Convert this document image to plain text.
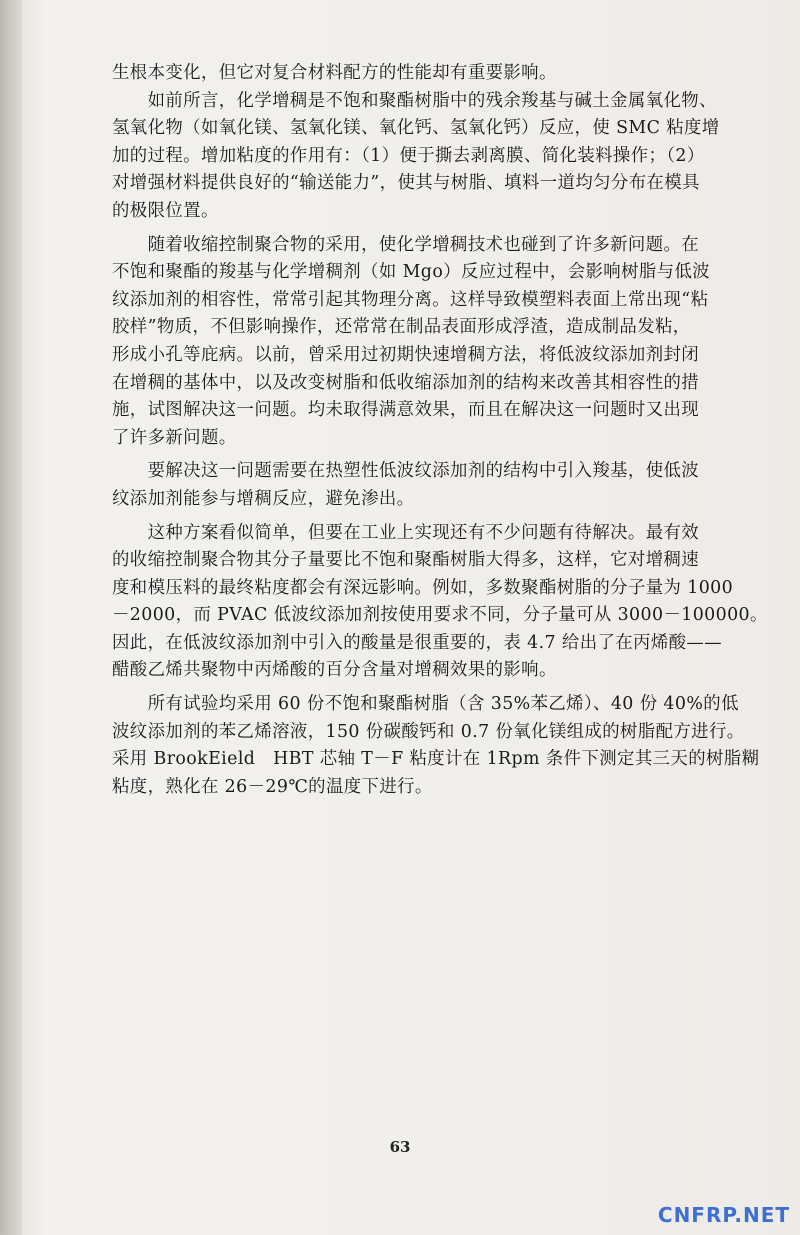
生根本变化，但它对复合材料配方的性能却有重要影响。
　　如前所言，化学增稠是不饱和聚酯树脂中的残余羧基与碱土金属氧化物、
氢氧化物（如氧化镁、氢氧化镁、氧化钙、氢氧化钙）反应，使 SMC 粘度增
加的过程。增加粘度的作用有：（1）便于撕去剥离膜、简化装料操作；（2）
对增强材料提供良好的“输送能力”，使其与树脂、填料一道均匀分布在模具
的极限位置。
　　随着收缩控制聚合物的采用，使化学增稠技术也碰到了许多新问题。在
不饱和聚酯的羧基与化学增稠剂（如 Mgo）反应过程中，会影响树脂与低波
纹添加剂的相容性，常常引起其物理分离。这样导致模塑料表面上常出现“粘
胶样”物质，不但影响操作，还常常在制品表面形成浮渣，造成制品发粘，
形成小孔等庇病。以前，曾采用过初期快速增稠方法，将低波纹添加剂封闭
在增稠的基体中，以及改变树脂和低收缩添加剂的结构来改善其相容性的措
施，试图解决这一问题。均未取得满意效果，而且在解决这一问题时又出现
了许多新问题。
　　要解决这一问题需要在热塑性低波纹添加剂的结构中引入羧基，使低波
纹添加剂能参与增稠反应，避免渗出。
　　这种方案看似简单，但要在工业上实现还有不少问题有待解决。最有效
的收缩控制聚合物其分子量要比不饱和聚酯树脂大得多，这样，它对增稠速
度和模压料的最终粘度都会有深远影响。例如，多数聚酯树脂的分子量为 1000
－2000，而 PVAC 低波纹添加剂按使用要求不同，分子量可从 3000－100000。
因此，在低波纹添加剂中引入的酸量是很重要的，表 4.7 给出了在丙烯酸——
醋酸乙烯共聚物中丙烯酸的百分含量对增稠效果的影响。
　　所有试验均采用 60 份不饱和聚酯树脂（含 35%苯乙烯）、40 份 40%的低
波纹添加剂的苯乙烯溶液，150 份碳酸钙和 0.7 份氧化镁组成的树脂配方进行。
采用 BrookEield　HBT 芯轴 T－F 粘度计在 1Rpm 条件下测定其三天的树脂糊
粘度，熟化在 26－29℃的温度下进行。
63
CNFRP.NET
